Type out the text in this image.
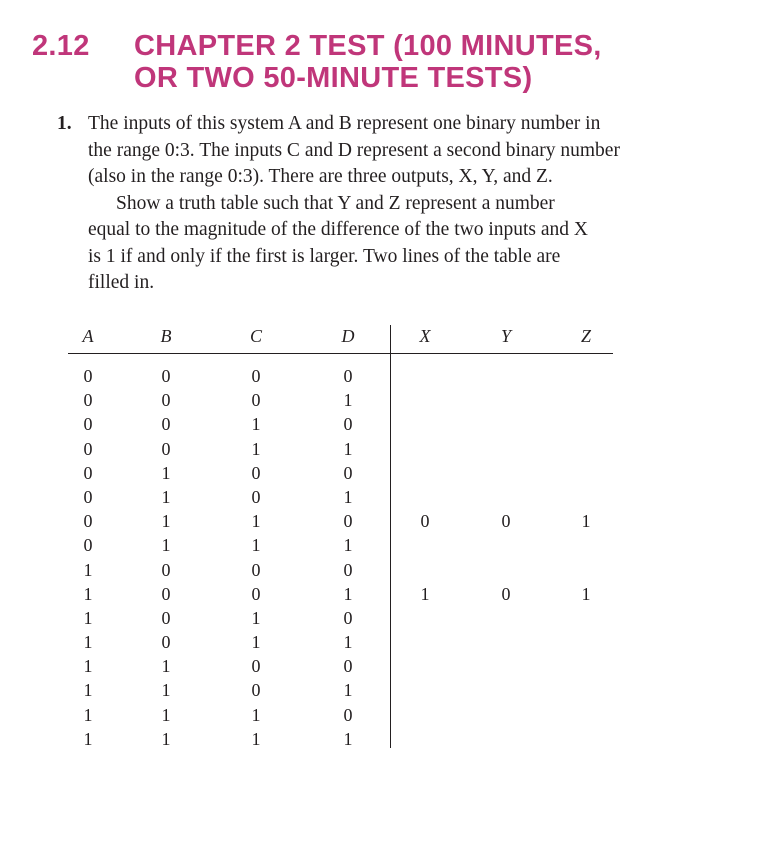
2.12 CHAPTER 2 TEST (100 MINUTES,
OR TWO 50-MINUTE TESTS)
1. The inputs of this system A and B represent one binary number in

the range 0:3. The inputs C and D represent a second binary number

(also in the range 0:3). There are three outputs, X, Y, and Z.

Show a truth table such that Y and Z represent a number

equal to the magnitude of the difference of the two inputs and X

is 1 if and only if the first is larger. Two lines of the table are

filled in.

A	B	C	D	X	Y	Z
0	0	0	0
0	0	0	1
0	0	1	0
0	0	1	1
0	1	0	0
0	1	0	1
0	1	1	0	0	0	1
0	1	1	1
1	0	0	0
1	0	0	1	1	0	1
1	0	1	0
1	0	1	1
1	1	0	0
1	1	0	1
1	1	1	0
1	1	1	1
